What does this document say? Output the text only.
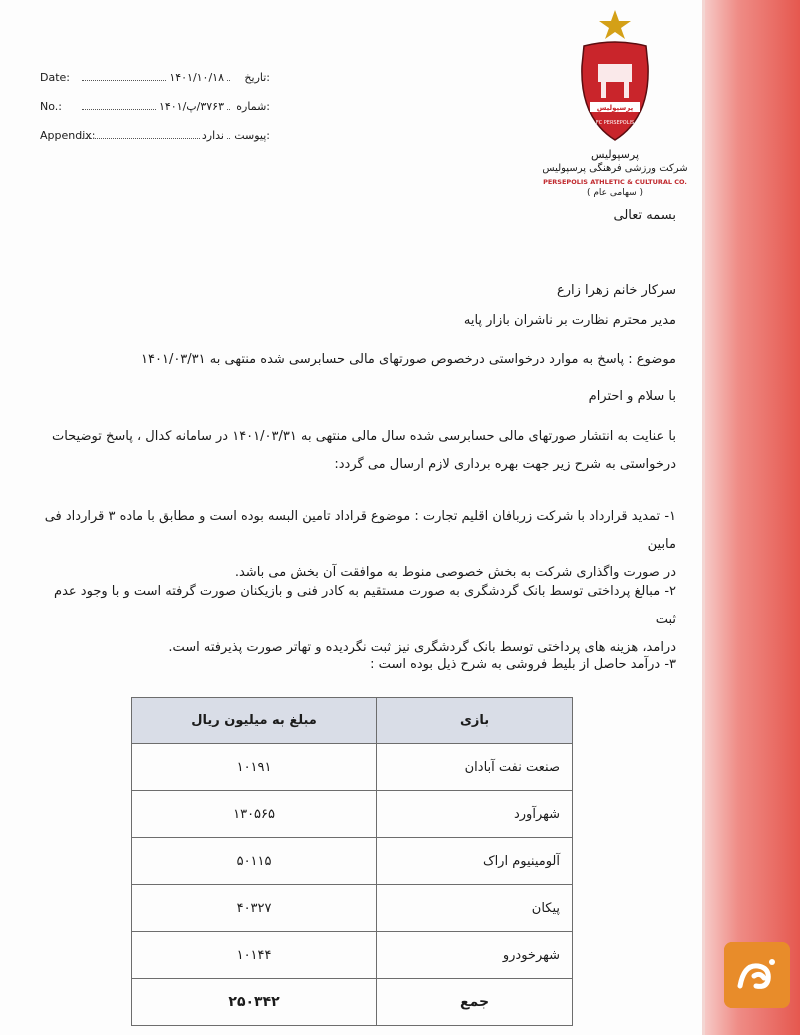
Date:	۱۴۰۱/۱۰/۱۸ :تاریخ
No.:	۳۷۶۳/پ/۱۴۰۱ :شماره
Appendix:	ندارد :پیوست
پرسپولیس
FC PERSEPOLIS
پرسپولیس
شرکت ورزشی فرهنگی پرسپولیس
PERSEPOLIS ATHLETIC & CULTURAL CO.
( سهامی عام )
بسمه تعالی
سرکار خانم زهرا زارع
مدیر محترم نظارت بر ناشران بازار پایه
موضوع : پاسخ به موارد درخواستی درخصوص صورتهای مالی حسابرسی شده منتهی به ۱۴۰۱/۰۳/۳۱
با سلام و احترام
با عنایت به انتشار صورتهای مالی حسابرسی شده سال مالی منتهی به ۱۴۰۱/۰۳/۳۱ در سامانه کدال ، پاسخ توضیحات
درخواستی به شرح زیر جهت بهره برداری لازم ارسال می گردد:
۱- تمدید قرارداد با شرکت زربافان اقلیم تجارت : موضوع قراداد تامین البسه بوده است و مطابق با ماده ۳ قرارداد فی مابین
در صورت واگذاری شرکت به بخش خصوصی منوط به موافقت آن بخش می باشد.
۲- مبالغ پرداختی توسط بانک گردشگری به صورت مستقیم به کادر فنی و بازیکنان صورت گرفته است و با وجود عدم ثبت
درامد، هزینه های پرداختی توسط بانک گردشگری نیز ثبت نگردیده و تهاتر صورت پذیرفته است.
۳- درآمد حاصل از بلیط فروشی به شرح ذیل بوده است :
بازی	مبلغ به میلیون ریال
صنعت نفت آبادان	۱۰۱۹۱
شهرآورد	۱۳۰۵۶۵
آلومینیوم اراک	۵۰۱۱۵
پیکان	۴۰۳۲۷
شهرخودرو	۱۰۱۴۴
جمع	۲۵۰۳۴۲
